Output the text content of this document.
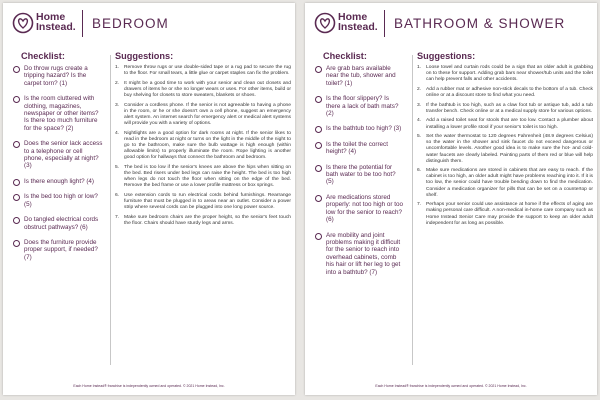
Home
Instead. BEDROOM
Checklist:
Do throw rugs create a tripping hazard? Is the carpet torn? (1)
Is the room cluttered with clothing, magazines, newspaper or other items? Is there too much furniture for the space? (2)
Does the senior lack access to a telephone or cell phone, especially at night? (3)
Is there enough light? (4)
Is the bed too high or low? (5)
Do tangled electrical cords obstruct pathways? (6)
Does the furniture provide proper support, if needed? (7)
Suggestions:
1. Remove throw rugs or use double-sided tape or a rug pad to secure the rug to the floor. For small tears, a little glue or carpet staples can fix the problem.
2. It might be a good time to work with your senior and clean out closets and drawers of items he or she no longer wears or uses. For other items, build or buy shelving for closets to store sweaters, blankets or shoes.
3. Consider a cordless phone. If the senior is not agreeable to having a phone in the room, or he or she doesn't own a cell phone, suggest an emergency alert system. An internet search for emergency alert or medical alert systems will provide you with a variety of options.
4. Nightlights are a good option for dark rooms at night. If the senior likes to read in the bedroom at night or turns on the light in the middle of the night to go to the bathroom, make sure the bulb wattage is high enough (within allowable limits) to properly illuminate the room. Rope lighting is another good option for hallways that connect the bathroom and bedroom.
5. The bed is too low if the senior's knees are above the hips when sitting on the bed. Bed risers under bed legs can raise the height. The bed is too high when legs do not touch the floor when sitting on the edge of the bed. Remove the bed frame or use a lower profile mattress or box springs.
6. Use extension cords to run electrical cords behind furnishings. Rearrange furniture that must be plugged in to areas near an outlet. Consider a power strip where several cords can be plugged into one long power source.
7. Make sure bedroom chairs are the proper height, so the senior's feet touch the floor. Chairs should have sturdy legs and arms.
Each Home Instead® franchise is independently owned and operated. © 2021 Home Instead, Inc.
Home
Instead. BATHROOM & SHOWER
Checklist:
Are grab bars available near the tub, shower and toilet? (1)
Is the floor slippery? Is there a lack of bath mats? (2)
Is the bathtub too high? (3)
Is the toilet the correct height? (4)
Is there the potential for bath water to be too hot? (5)
Are medications stored properly: not too high or too low for the senior to reach? (6)
Are mobility and joint problems making it difficult for the senior to reach into overhead cabinets, comb his hair or lift her leg to get into a bathtub? (7)
Suggestions:
1. Loose towel and curtain rods could be a sign that an older adult is grabbing on to these for support. Adding grab bars near shower/tub units and the toilet can help prevent falls and other accidents.
2. Add a rubber mat or adhesive non-stick decals to the bottom of a tub. Check online or at a discount store to find what you need.
3. If the bathtub is too high, such as a claw foot tub or antique tub, add a tub transfer bench. Check online or at a medical supply store for various options.
4. Add a raised toilet seat for stools that are too low. Contact a plumber about installing a lower profile stool if your senior's toilet is too high.
5. Set the water thermostat to 120 degrees Fahrenheit (48.9 degrees Celsius) so the water in the shower and sink faucet do not exceed dangerous or uncomfortable levels. Another good idea is to make sure the hot- and cold-water faucets are clearly labeled. Painting parts of them red or blue will help distinguish them.
6. Make sure medications are stored in cabinets that are easy to reach. If the cabinet is too high, an older adult might have problems reaching into it. If it is too low, the senior could have trouble bending down to find the medication. Consider a medication organizer for pills that can be set on a countertop or shelf.
7. Perhaps your senior could use assistance at home if the effects of aging are making personal care difficult. A non-medical in-home care company such as Home Instead Senior Care may provide the support to keep an older adult independent for as long as possible.
Each Home Instead® franchise is independently owned and operated. © 2021 Home Instead, Inc.
